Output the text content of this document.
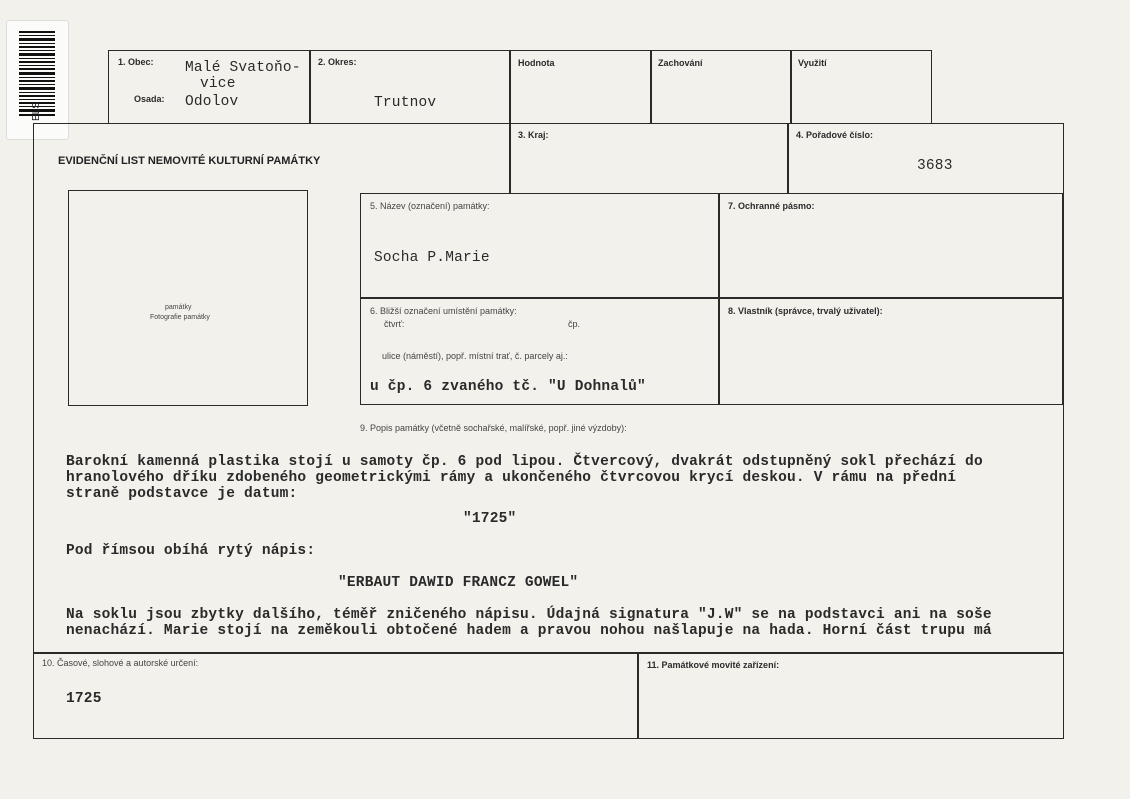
ELS
1. Obec: Malé Svatoňo-
vice
Osada: Odolov
2. Okres:
Trutnov
Hodnota	Zachování	Využití
EVIDENČNÍ LIST NEMOVITÉ KULTURNÍ PAMÁTKY
3. Kraj:	4. Pořadové číslo:
3683
památky
Fotografie památky
5. Název (označení) památky:
Socha P.Marie
7. Ochranné pásmo:
6. Bližší označení umístění památky:
čtvrť:	čp.
ulice (náměstí), popř. místní trať, č. parcely aj.:
u čp. 6 zvaného tč. "U Dohnalů"
8. Vlastník (správce, trvalý uživatel):
9. Popis památky (včetně sochařské, malířské, popř. jiné výzdoby):
Barokní kamenná plastika stojí u samoty čp. 6 pod lipou. Čtvercový, dvakrát odstupněný sokl přechází do
hranolového dříku zdobeného geometrickými rámy a ukončeného čtvrcovou krycí deskou. V rámu na přední
straně podstavce je datum:
"1725"
Pod římsou obíhá rytý nápis:
"ERBAUT DAWID FRANCZ GOWEL"
Na soklu jsou zbytky dalšího, téměř zničeného nápisu. Údajná signatura "J.W" se na podstavci ani na soše
nenachází. Marie stojí na zeměkouli obtočené hadem a pravou nohou našlapuje na hada. Horní část trupu má
10. Časové, slohové a autorské určení:
1725
11. Památkové movité zařízení:
